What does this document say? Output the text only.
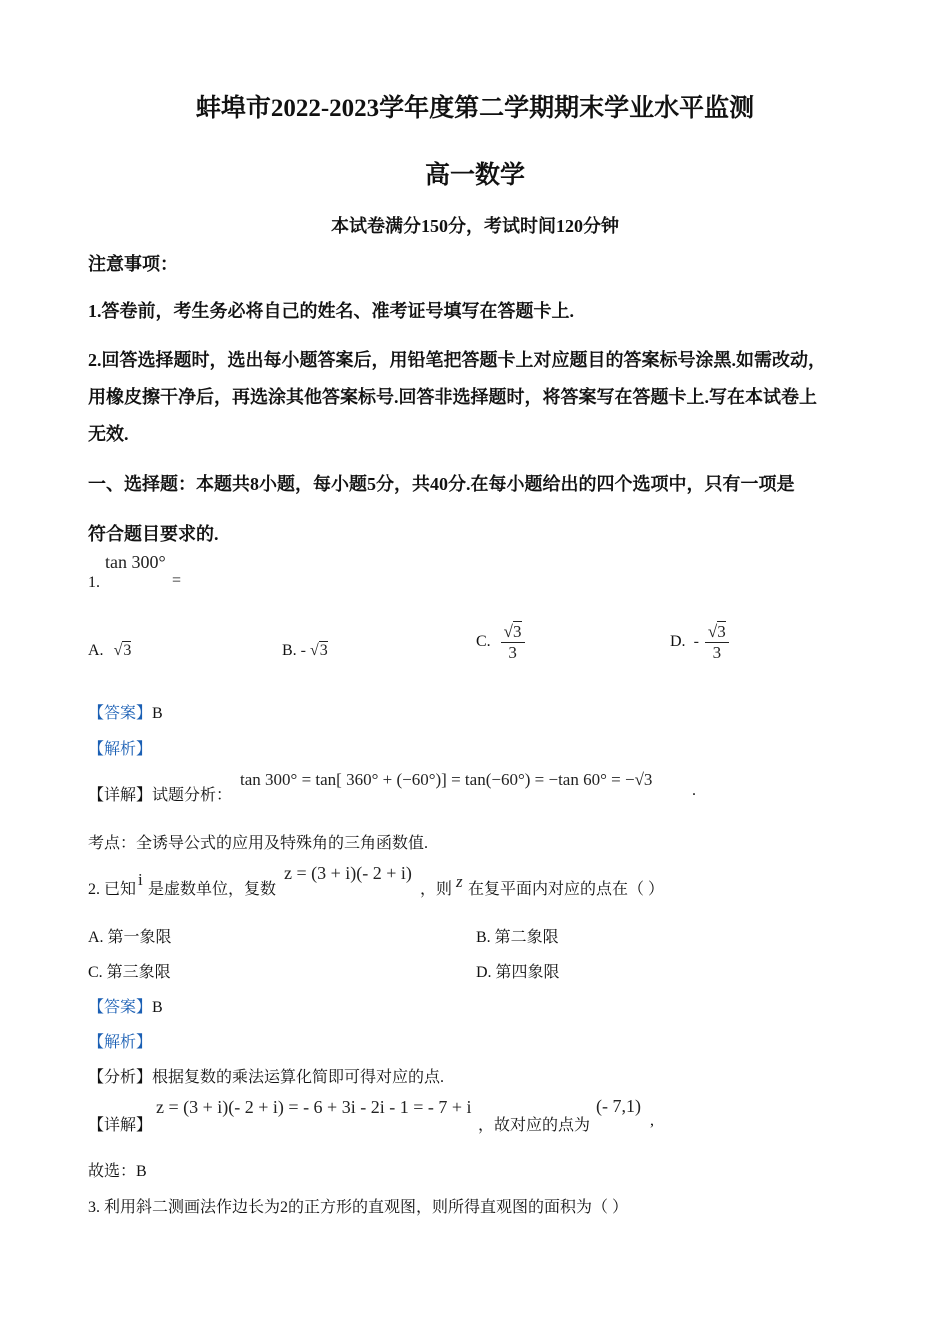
蚌埠市2022-2023学年度第二学期期末学业水平监测
高一数学
本试卷满分150分，考试时间120分钟
注意事项：
1.答卷前，考生务必将自己的姓名、准考证号填写在答题卡上.
2.回答选择题时，选出每小题答案后，用铅笔把答题卡上对应题目的答案标号涂黑.如需改动，
用橡皮擦干净后，再选涂其他答案标号.回答非选择题时，将答案写在答题卡上.写在本试卷上
无效.
一、选择题：本题共8小题，每小题5分，共40分.在每小题给出的四个选项中，只有一项是
符合题目要求的.
1.
tan 300°
=
A. √3	B. - √3
C. $\frac{√3}{3}$	D. - $\frac{√3}{3}$
【答案】B
【解析】
【详解】试题分析：
tan 300° = tan[ 360° + (−60°)] = tan(−60°) = −tan 60° = −√3
.
考点：全诱导公式的应用及特殊角的三角函数值.
2. 已知
i
是虚数单位，复数
z = (3 + i)(- 2 + i)
，则 z 在复平面内对应的点在（ ）
A. 第一象限	B. 第二象限
C. 第三象限	D. 第四象限
【答案】B
【解析】
【分析】根据复数的乘法运算化简即可得对应的点.
【详解】
z = (3 + i)(- 2 + i) = - 6 + 3i - 2i - 1 = - 7 + i
，故对应的点为
(- 7,1)
,
故选：B
3. 利用斜二测画法作边长为2的正方形的直观图，则所得直观图的面积为（ ）
